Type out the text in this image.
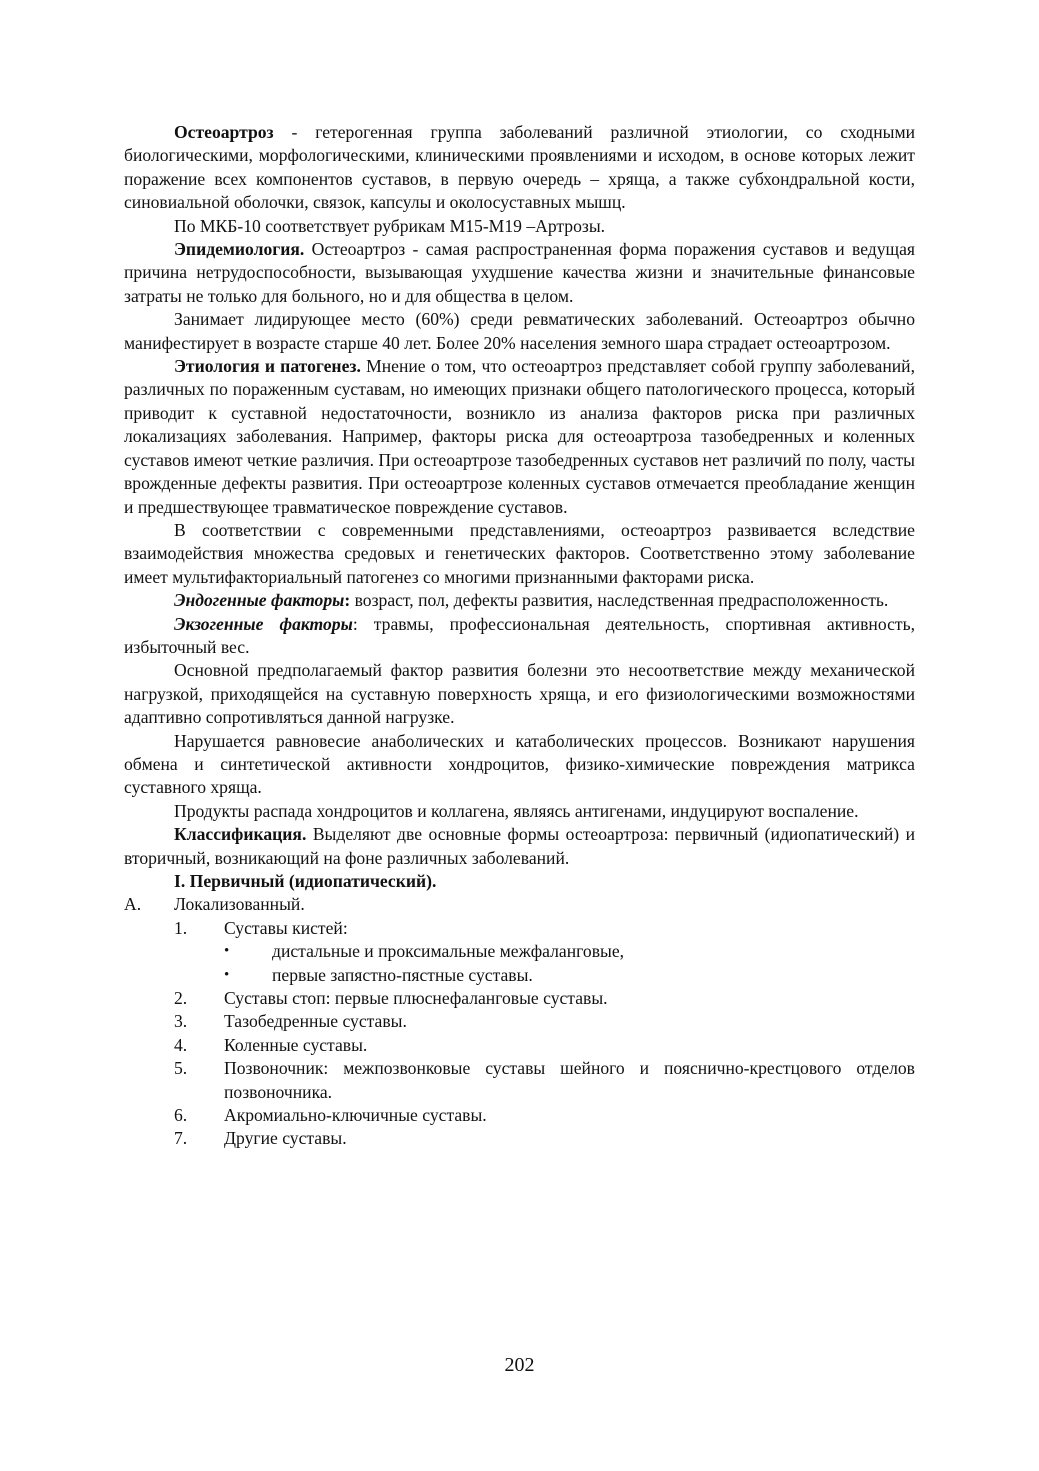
Остеоартроз - гетерогенная группа заболеваний различной этиологии, со сходными биологическими, морфологическими, клиническими проявлениями и исходом, в основе которых лежит поражение всех компонентов суставов, в первую очередь – хряща, а также субхондральной кости, синовиальной оболочки, связок, капсулы и околосуставных мышц.

По МКБ-10 соответствует рубрикам М15-М19 –Артрозы.

Эпидемиология. Остеоартроз - самая распространенная форма поражения суставов и ведущая причина нетрудоспособности, вызывающая ухудшение качества жизни и значительные финансовые затраты не только для больного, но и для общества в целом.

Занимает лидирующее место (60%) среди ревматических заболеваний. Остеоартроз обычно манифестирует в возрасте старше 40 лет. Более 20% населения земного шара страдает остеоартрозом.

Этиология и патогенез. Мнение о том, что остеоартроз представляет собой группу заболеваний, различных по пораженным суставам, но имеющих признаки общего патологического процесса, который приводит к суставной недостаточности, возникло из анализа факторов риска при различных локализациях заболевания. Например, факторы риска для остеоартроза тазобедренных и коленных суставов имеют четкие различия. При остеоартрозе тазобедренных суставов нет различий по полу, часты врожденные дефекты развития. При остеоартрозе коленных суставов отмечается преобладание женщин и предшествующее травматическое повреждение суставов.

В соответствии с современными представлениями, остеоартроз развивается вследствие взаимодействия множества средовых и генетических факторов. Соответственно этому заболевание имеет мультифакториальный патогенез со многими признанными факторами риска.

Эндогенные факторы: возраст, пол, дефекты развития, наследственная предрасположенность.

Экзогенные факторы: травмы, профессиональная деятельность, спортивная активность, избыточный вес.

Основной предполагаемый фактор развития болезни это несоответствие между механической нагрузкой, приходящейся на суставную поверхность хряща, и его физиологическими возможностями адаптивно сопротивляться данной нагрузке.

Нарушается равновесие анаболических и катаболических процессов. Возникают нарушения обмена и синтетической активности хондроцитов, физико-химические повреждения матрикса суставного хряща.

Продукты распада хондроцитов и коллагена, являясь антигенами, индуцируют воспаление.

Классификация. Выделяют две основные формы остеоартроза: первичный (идиопатический) и вторичный, возникающий на фоне различных заболеваний.

I. Первичный (идиопатический).

А. Локализованный.

1. Суставы кистей:

• дистальные и проксимальные межфаланговые,

• первые запястно-пястные суставы.

2. Суставы стоп: первые плюснефаланговые суставы.

3. Тазобедренные суставы.

4. Коленные суставы.

5. Позвоночник: межпозвонковые суставы шейного и пояснично-крестцового отделов позвоночника.

6. Акромиально-ключичные суставы.

7. Другие суставы.

202
